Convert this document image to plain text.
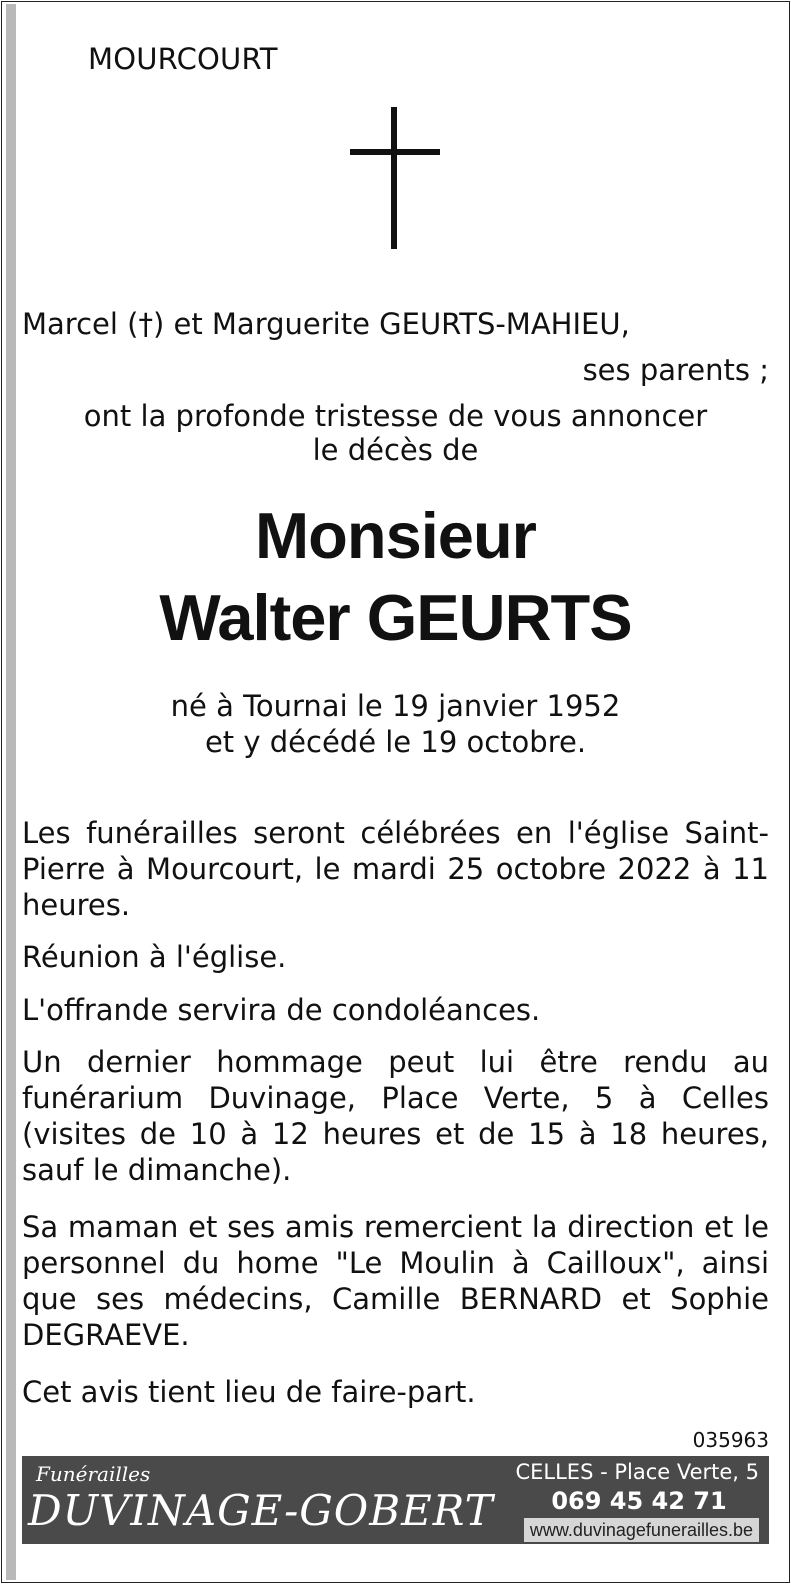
MOURCOURT
Marcel (†) et Marguerite GEURTS-MAHIEU,
ses parents ;
ont la profonde tristesse de vous annoncer
le décès de
Monsieur
Walter GEURTS
né à Tournai le 19 janvier 1952
et y décédé le 19 octobre.
Les funérailles seront célébrées en l'église Saint-Pierre à Mourcourt, le mardi 25 octobre 2022 à 11 heures.
Réunion à l'église.
L'offrande servira de condoléances.
Un dernier hommage peut lui être rendu au funérarium Duvinage, Place Verte, 5 à Celles (visites de 10 à 12 heures et de 15 à 18 heures, sauf le dimanche).
Sa maman et ses amis remercient la direction et le personnel du home "Le Moulin à Cailloux", ainsi que ses médecins, Camille BERNARD et Sophie DEGRAEVE.
Cet avis tient lieu de faire-part.
035963
Funérailles
DUVINAGE-GOBERT
CELLES - Place Verte, 5
069 45 42 71
www.duvinagefunerailles.be
